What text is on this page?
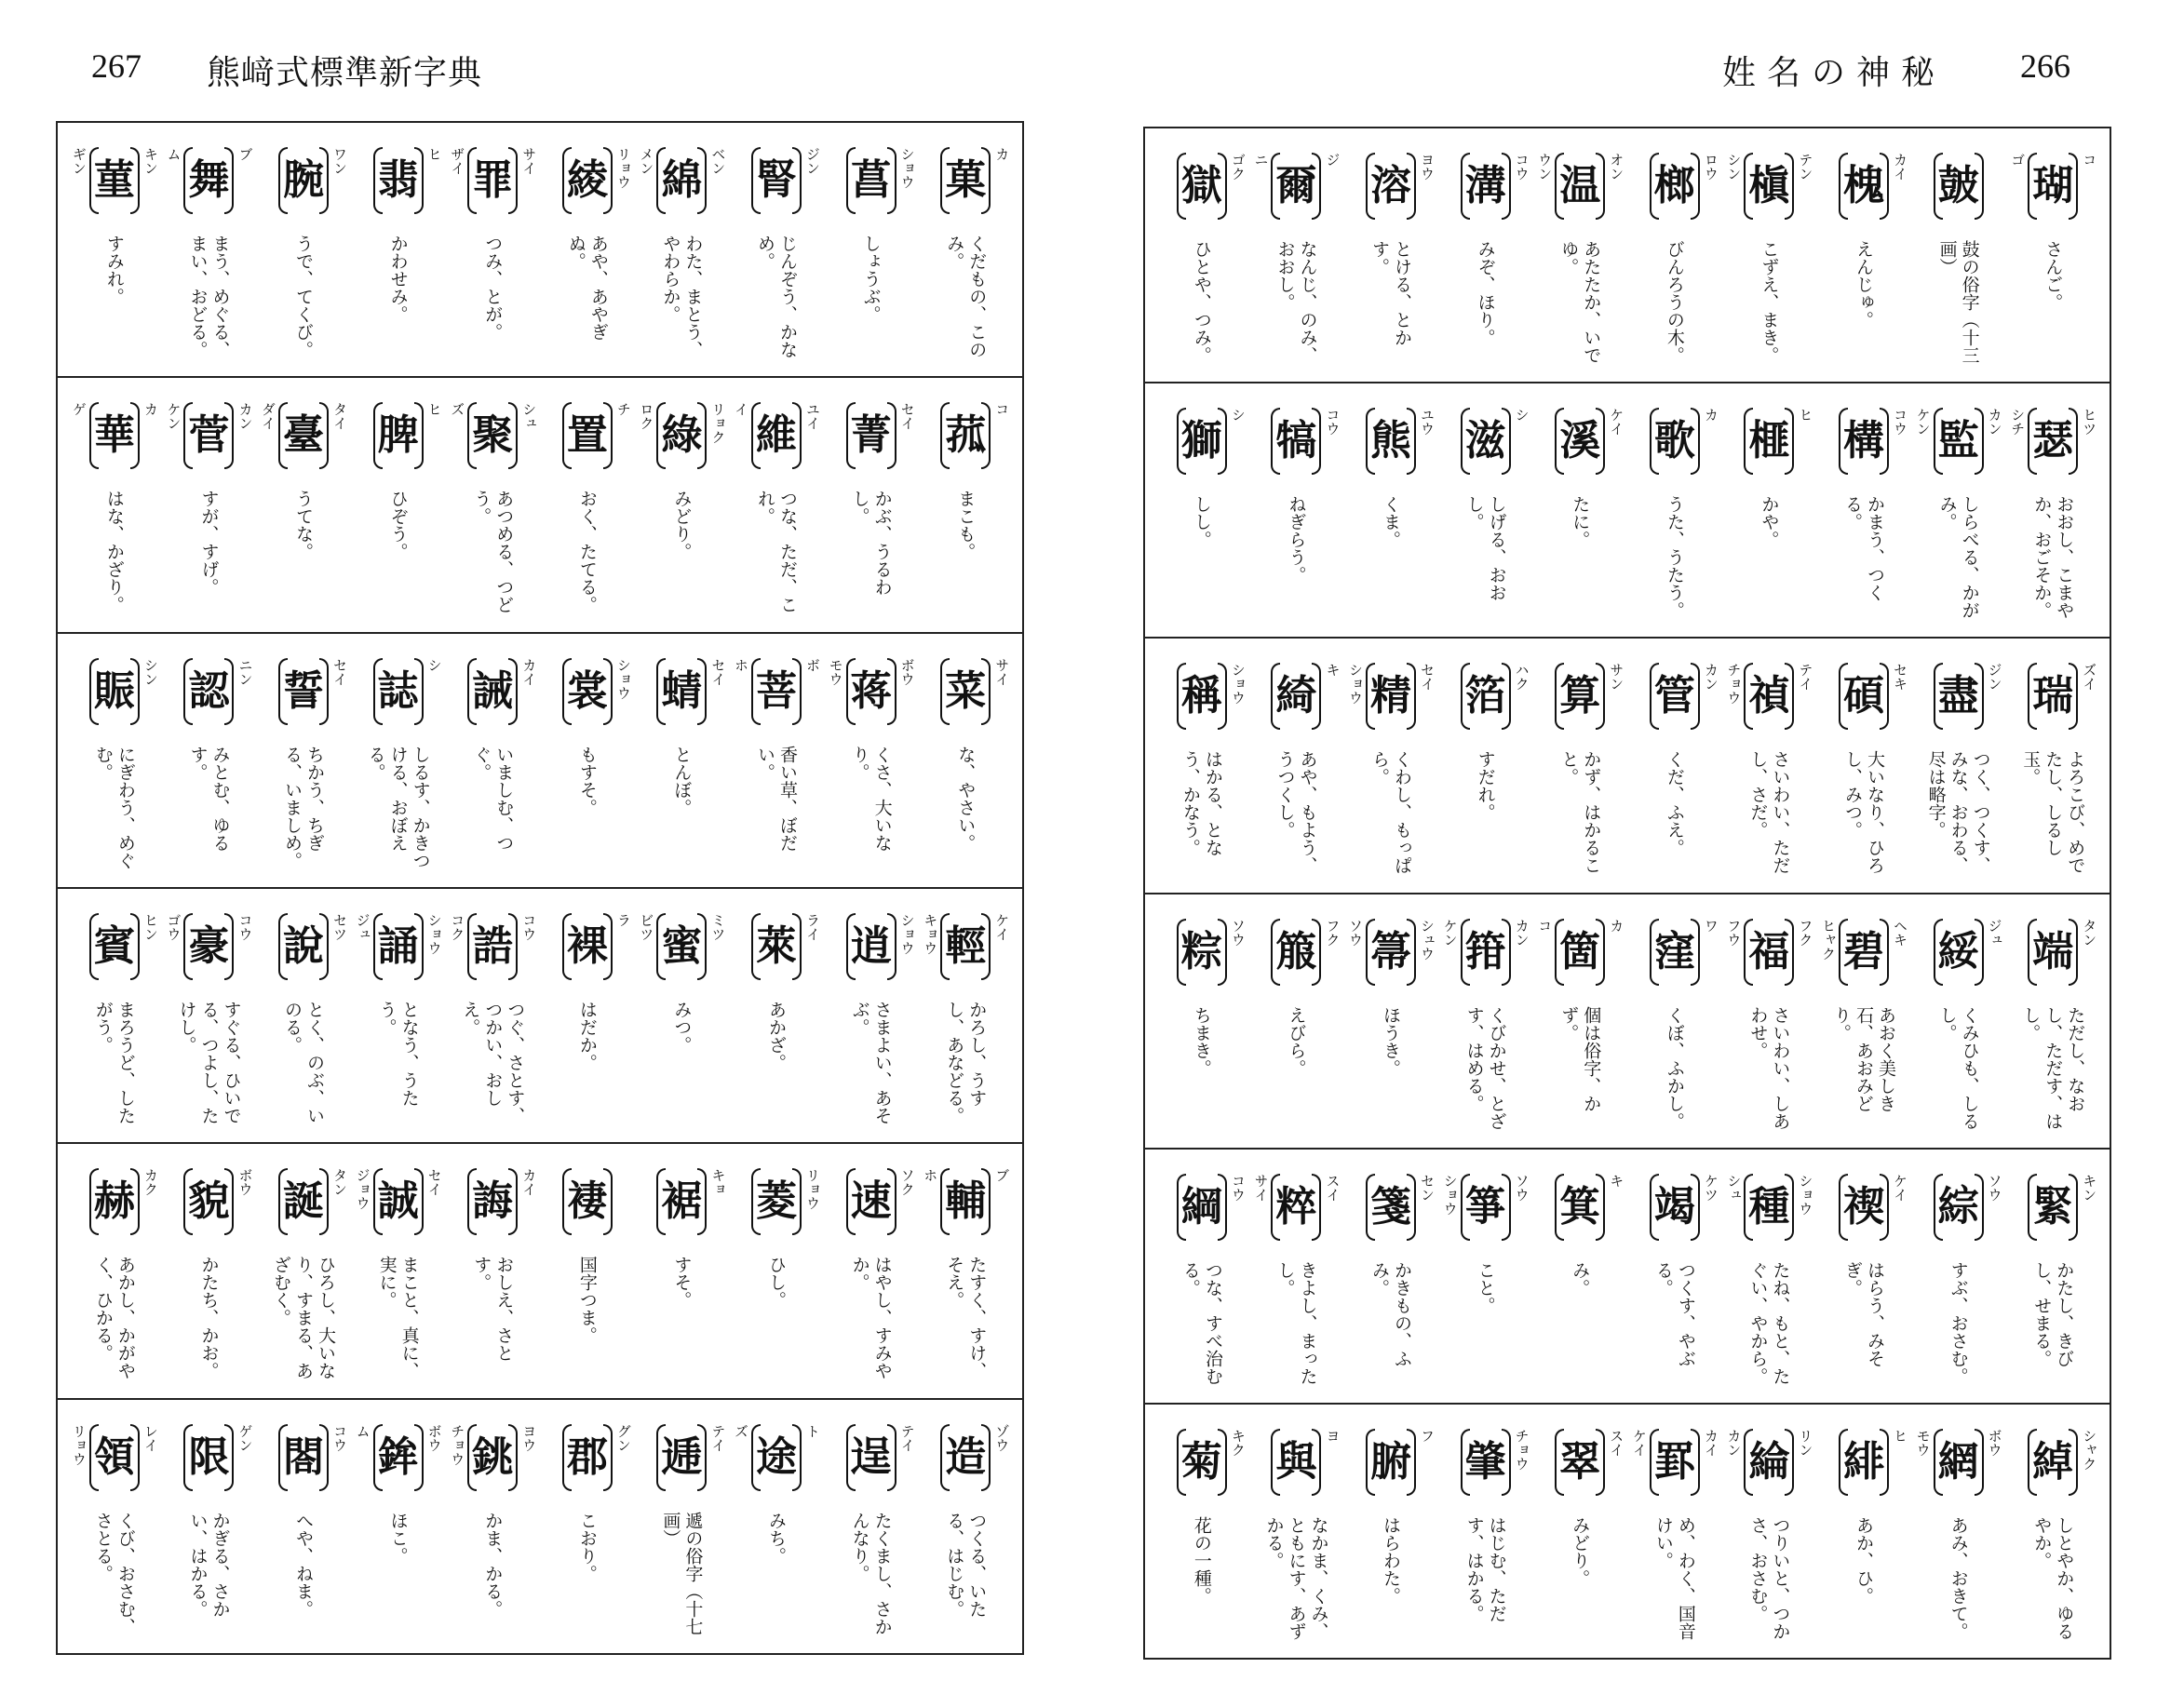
267 熊﨑式標準新字典	姓名の神秘 266
菓
カ
くだもの、このみ。
菖 ショウ
しょうぶ。
腎 ジン
じんぞう、かなめ。
綿 ベン
メン
わた、まとう、やわらか。
綾 リョウ
あや、あやぎぬ。
罪 サイ
ザイ
つみ、とが。
翡
ヒ
かわせみ。
腕 ワン
うで、てくび。
舞
ブ
ム
まう、めぐる、まい、おどる。
菫 キン
ギン
すみれ。
菰
コ
まこも。
菁 セイ
かぶ、うるわし。
維 ユイ
イ
つな、ただ、これ。
綠 リョク
ロク
みどり。
置
チ
おく、たてる。
聚 シュ
ズ
あつめる、つどう。
脾
ヒ
ひぞう。
臺 タイ
ダイ
うてな。
菅 カン
ケン
すが、すげ。
華
カ
ゲ
はな、かざり。
菜 サイ
な、やさい。
蒋 ボウ
モウ
くさ、大いなり。
菩
ボ
ホ
香い草、ぼだい。
蜻 セイ
とんぼ。
裳 ショウ
もすそ。
誡 カイ
いましむ、つぐ。
誌
シ
しるす、かきつける、おぼえる。
誓 セイ
ちかう、ちぎる、いましめ。
認 ニン
みとむ、ゆるす。
賑 シン
にぎわう、めぐむ。
輕 ケイ
キョウ
かろし、うすし、あなどる。
逍 ショウ
さまよい、あそぶ。
萊 ライ
あかざ。
蜜 ミツ
ビツ
みつ。
裸
ラ
はだか。
誥 コウ
コク
つぐ、さとす、つかい、おしえ。
誦 ショウ
ジュ
となう、うたう。
說 セツ
とく、のぶ、いのる。
豪 コウ
ゴウ
すぐる、ひいでる、つよし、たけし。
賓 ヒン
まろうど、したがう。
輔
ブ
ホ
たすく、すけ、そえ。
速 ソク
はやし、すみやか。
菱 リョウ
ひし。
裾 キョ
すそ。
褄
国字つま。
誨 カイ
おしえ、さとす。
誠 セイ
ジョウ
まこと、真に、実に。
誕 タン
ひろし、大いなり、すまる、あざむく。
貌 ボウ
かたち、かお。
赫 カク
あかし、かがやく、ひかる。
造 ゾウ
つくる、いたる、はじむ。
逞 テイ
たくまし、さかんなり。
途
ト
ズ
みち。
逓 テイ
遞の俗字（十七画）
郡 グン
こおり。
銚 ヨウ
チョウ
かま、かる。
鉾 ボウ
ム
ほこ。
閤 コウ
へや、ねま。
限 ゲン
かぎる、さかい、はかる。
領 レイ
リョウ
くび、おさむ、さとる。
瑚
コ
ゴ
さんご。
皷
鼓の俗字（十三画）
槐 カイ
えんじゅ。
槇 テン
シン
こずえ、まき。
榔 ロウ
びんろうの木。
温 オン
ウン
あたたか、いでゆ。
溝 コウ
みぞ、ほり。
溶 ヨウ
とける、とかす。
爾
ジ
ニ
なんじ、のみ、おおし。
獄 ゴク
ひとや、つみ。
瑟 ヒツ
シチ
おおし、こまやか、おごそか。
監 カン
ケン
しらべる、かがみ。
構 コウ
かまう、つくる。
榧
ヒ
かや。
歌
カ
うた、うたう。
溪 ケイ
たに。
滋
シ
しげる、おおし。
熊 ユウ
くま。
犒 コウ
ねぎらう。
獅
シ
しし。
瑞 ズイ
よろこび、めでたし、しるし玉。
盡 ジン
つく、つくす、みな、おわる、尽は略字。
碩 セキ
大いなり、ひろし、みつ。
禎 テイ
チョウ
さいわい、ただし、さだ。
管 カン
くだ、ふえ。
算 サン
かず、はかること。
箔 ハク
すだれ。
精 セイ
ショウ
くわし、もっぱら。
綺
キ
あや、もよう、うつくし。
稱 ショウ
はかる、となう、かなう。
端 タン
ただし、なおし、ただす、はし。
綏 ジュ
くみひも、しるし。
碧 ヘキ
ヒャク
あおく美しき石、あおみどり。
福 フク
フウ
さいわい、しあわせ。
窪
ワ
くぼ、ふかし。
箇
カ
コ
個は俗字、かず。
箝 カン
ケン
くびかせ、とざす、はめる。
箒 シュウ
ソウ
ほうき。
箙 フク
えびら。
粽 ソウ
ちまき。
緊 キン
かたし、きびし、せまる。
綜 ソウ
すぶ、おさむ。
禊 ケイ
はらう、みそぎ。
種 ショウ
シュ
たね、もと、たぐい、やから。
竭 ケツ
つくす、やぶる。
箕
キ
み。
箏 ソウ
ショウ
こと。
箋 セン
かきもの、ふみ。
粹 スイ
サイ
きよし、まったし。
綱 コウ
つな、すべ治むる。
綽 シャク
しとやか、ゆるやか。
網 ボウ
モウ
あみ、おきて。
緋
ヒ
あか、ひ。
綸 リン
カン
つりいと、つかさ、おさむ。
罫 カイ
ケイ
め、わく、国音けい。
翠 スイ
みどり。
肇 チョウ
はじむ、ただす、はかる。
腑
フ
はらわた。
與
ヨ
なかま、くみ、ともにす、あずかる。
菊 キク
花の一種。
